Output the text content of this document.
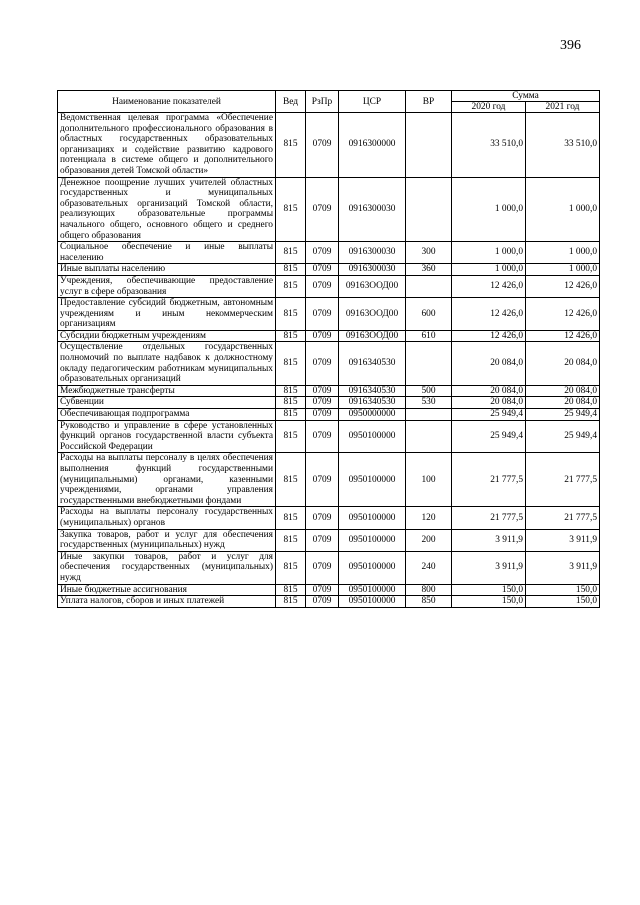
396
Наименование показателей	Вед	РзПр	ЦСР	ВР	Сумма	
					2020 год	2021 год
Ведомственная целевая программа «Обеспечение дополнительного профессионального образования в областных государственных образовательных организациях и содействие развитию кадрового потенциала в системе общего и дополнительного образования детей Томской области»	815	0709	0916300000		33 510,0	33 510,0
Денежное поощрение лучших учителей областных государственных и муниципальных образовательных организаций Томской области, реализующих образовательные программы начального общего, основного общего и среднего общего образования	815	0709	0916300030		1 000,0	1 000,0
Социальное обеспечение и иные выплаты населению	815	0709	0916300030	300	1 000,0	1 000,0
Иные выплаты населению	815	0709	0916300030	360	1 000,0	1 000,0
Учреждения, обеспечивающие предоставление услуг в сфере образования	815	0709	09163ООД00		12 426,0	12 426,0
Предоставление субсидий бюджетным, автономным учреждениям и иным некоммерческим организациям	815	0709	09163ООД00	600	12 426,0	12 426,0
Субсидии бюджетным учреждениям	815	0709	09163ООД00	610	12 426,0	12 426,0
Осуществление отдельных государственных полномочий по выплате надбавок к должностному окладу педагогическим работникам муниципальных образовательных организаций	815	0709	0916340530		20 084,0	20 084,0
Межбюджетные трансферты	815	0709	0916340530	500	20 084,0	20 084,0
Субвенции	815	0709	0916340530	530	20 084,0	20 084,0
Обеспечивающая подпрограмма	815	0709	0950000000		25 949,4	25 949,4
Руководство и управление в сфере установленных функций органов государственной власти субъекта Российской Федерации	815	0709	0950100000		25 949,4	25 949,4
Расходы на выплаты персоналу в целях обеспечения выполнения функций государственными (муниципальными) органами, казенными учреждениями, органами управления государственными внебюджетными фондами	815	0709	0950100000	100	21 777,5	21 777,5
Расходы на выплаты персоналу государственных (муниципальных) органов	815	0709	0950100000	120	21 777,5	21 777,5
Закупка товаров, работ и услуг для обеспечения государственных (муниципальных) нужд	815	0709	0950100000	200	3 911,9	3 911,9
Иные закупки товаров, работ и услуг для обеспечения государственных (муниципальных) нужд	815	0709	0950100000	240	3 911,9	3 911,9
Иные бюджетные ассигнования	815	0709	0950100000	800	150,0	150,0
Уплата налогов, сборов и иных платежей	815	0709	0950100000	850	150,0	150,0
